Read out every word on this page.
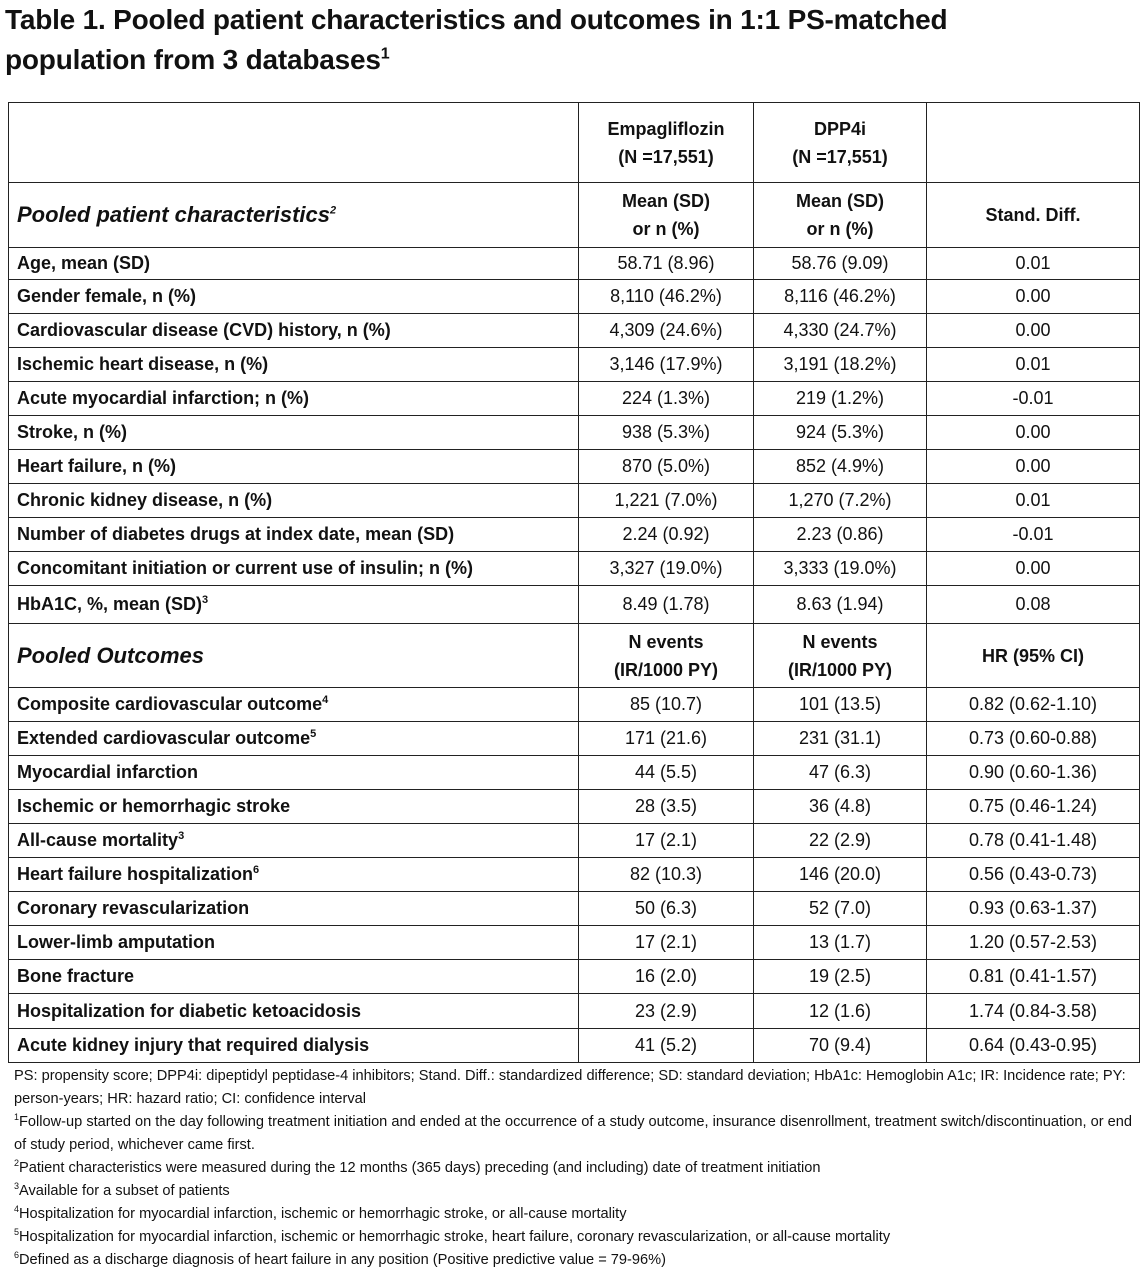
Table 1. Pooled patient characteristics and outcomes in 1:1 PS-matched
population from 3 databases$^1$

	Empagliflozin
(N =17,551)	DPP4i
(N =17,551)	

Pooled patient characteristics$^2$	Mean (SD)
or n (%)	Mean (SD)
or n (%)	Stand. Diff.
Age, mean (SD)	58.71 (8.96)	58.76 (9.09)	0.01
Gender female, n (%)	8,110 (46.2%)	8,116 (46.2%)	0.00
Cardiovascular disease (CVD) history, n (%)	4,309 (24.6%)	4,330 (24.7%)	0.00
Ischemic heart disease, n (%)	3,146 (17.9%)	3,191 (18.2%)	0.01
Acute myocardial infarction; n (%)	224 (1.3%)	219 (1.2%)	-0.01
Stroke, n (%)	938 (5.3%)	924 (5.3%)	0.00
Heart failure, n (%)	870 (5.0%)	852 (4.9%)	0.00
Chronic kidney disease, n (%)	1,221 (7.0%)	1,270 (7.2%)	0.01
Number of diabetes drugs at index date, mean (SD)	2.24 (0.92)	2.23 (0.86)	-0.01
Concomitant initiation or current use of insulin; n (%)	3,327 (19.0%)	3,333 (19.0%)	0.00
HbA1C, %, mean (SD)$^3$	8.49 (1.78)	8.63 (1.94)	0.08
Pooled Outcomes	N events
(IR/1000 PY)	N events
(IR/1000 PY)	HR (95% CI)
Composite cardiovascular outcome$^4$	85 (10.7)	101 (13.5)	0.82 (0.62-1.10)
Extended cardiovascular outcome$^5$	171 (21.6)	231 (31.1)	0.73 (0.60-0.88)
Myocardial infarction	44 (5.5)	47 (6.3)	0.90 (0.60-1.36)
Ischemic or hemorrhagic stroke	28 (3.5)	36 (4.8)	0.75 (0.46-1.24)
All-cause mortality$^3$	17 (2.1)	22 (2.9)	0.78 (0.41-1.48)
Heart failure hospitalization$^6$	82 (10.3)	146 (20.0)	0.56 (0.43-0.73)
Coronary revascularization	50 (6.3)	52 (7.0)	0.93 (0.63-1.37)
Lower-limb amputation	17 (2.1)	13 (1.7)	1.20 (0.57-2.53)
Bone fracture	16 (2.0)	19 (2.5)	0.81 (0.41-1.57)
Hospitalization for diabetic ketoacidosis	23 (2.9)	12 (1.6)	1.74 (0.84-3.58)
Acute kidney injury that required dialysis	41 (5.2)	70 (9.4)	0.64 (0.43-0.95)

PS: propensity score; DPP4i: dipeptidyl peptidase-4 inhibitors; Stand. Diff.: standardized difference; SD: standard deviation; HbA1c: Hemoglobin A1c; IR: Incidence rate; PY: person-years; HR: hazard ratio; CI: confidence interval

$^1$Follow-up started on the day following treatment initiation and ended at the occurrence of a study outcome, insurance disenrollment, treatment switch/discontinuation, or end of study period, whichever came first.

$^2$Patient characteristics were measured during the 12 months (365 days) preceding (and including) date of treatment initiation

$^3$Available for a subset of patients

$^4$Hospitalization for myocardial infarction, ischemic or hemorrhagic stroke, or all-cause mortality

$^5$Hospitalization for myocardial infarction, ischemic or hemorrhagic stroke, heart failure, coronary revascularization, or all-cause mortality

$^6$Defined as a discharge diagnosis of heart failure in any position (Positive predictive value = 79-96%)
